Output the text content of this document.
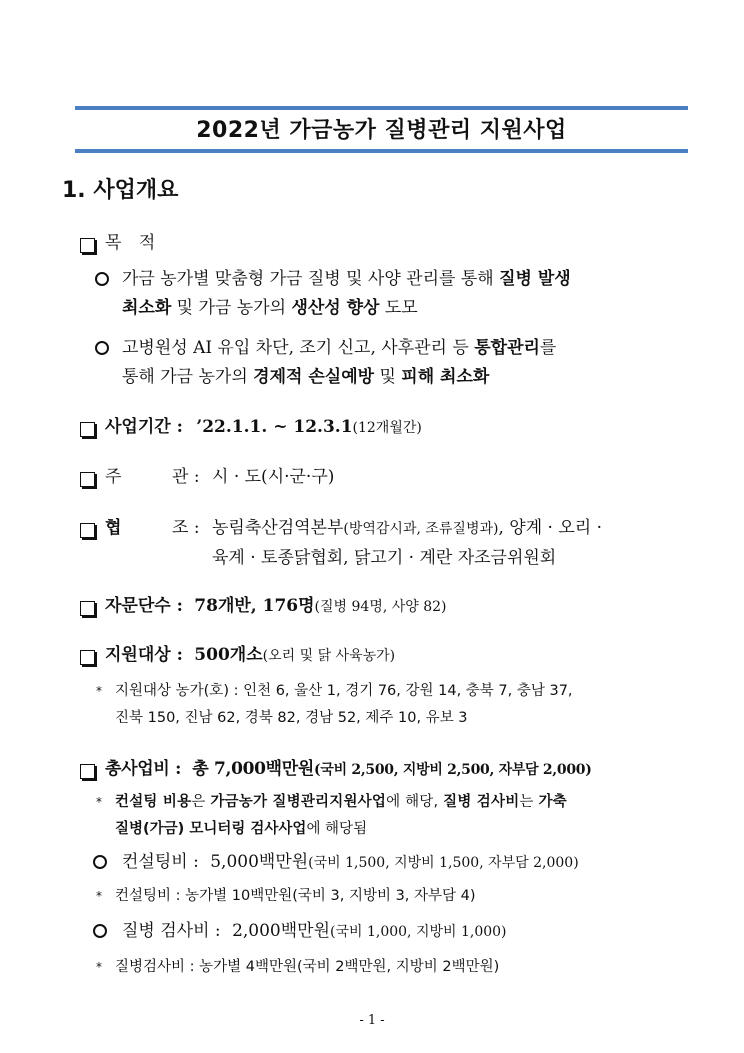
2022년 가금농가 질병관리 지원사업
1. 사업개요
목 적
가금 농가별 맞춤형 가금 질병 및 사양 관리를 통해 질병 발생
최소화 및 가금 농가의 생산성 향상 도모
고병원성 AI 유입 차단, 조기 신고, 사후관리 등 통합관리를
통해 가금 농가의 경제적 손실예방 및 피해 최소화
사업기간 : ’22.1.1. ~ 12.3.1(12개월간)
주	관 : 시 · 도(시·군·구)
협	조 : 농림축산검역본부(방역감시과, 조류질병과), 양계 · 오리 ·
육계 · 토종닭협회, 닭고기 · 계란 자조금위원회
자문단수 : 78개반, 176명(질병 94명, 사양 82)
지원대상 : 500개소(오리 및 닭 사육농가)
* 지원대상 농가(호) : 인천 6, 울산 1, 경기 76, 강원 14, 충북 7, 충남 37,
진북 150, 진남 62, 경북 82, 경남 52, 제주 10, 유보 3
총사업비 : 총 7,000백만원(국비 2,500, 지방비 2,500, 자부담 2,000)
* 컨설팅 비용은 가금농가 질병관리지원사업에 해당, 질병 검사비는 가축
질병(가금) 모니터링 검사사업에 해당됨
컨설팅비 : 5,000백만원(국비 1,500, 지방비 1,500, 자부담 2,000)
* 컨설팅비 : 농가별 10백만원(국비 3, 지방비 3, 자부담 4)
질병 검사비 : 2,000백만원(국비 1,000, 지방비 1,000)
* 질병검사비 : 농가별 4백만원(국비 2백만원, 지방비 2백만원)
- 1 -
